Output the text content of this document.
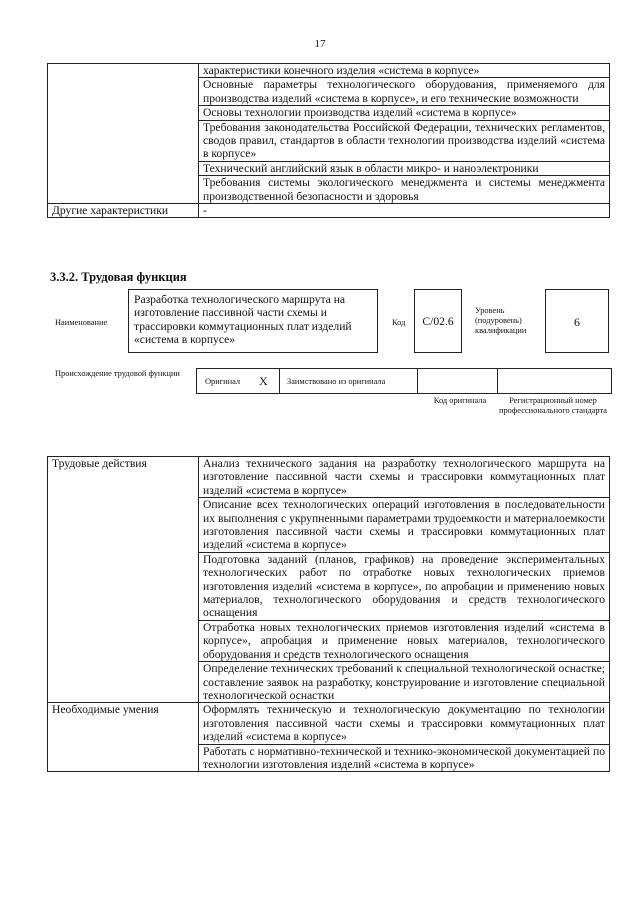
17
	характеристики конечного изделия «система в корпусе»
	Основные параметры технологического оборудования, применяемого для производства изделий «система в корпусе», и его технические возможности
	Основы технологии производства изделий «система в корпусе»
	Требования законодательства Российской Федерации, технических регламентов, сводов правил, стандартов в области технологии производства изделий «система в корпусе»
	Технический английский язык в области микро- и наноэлектроники
	Требования системы экологического менеджмента и системы менеджмента производственной безопасности и здоровья
Другие характеристики	-
3.3.2. Трудовая функция
Наименование
Разработка технологического маршрута на изготовление пассивной части схемы и трассировки коммутационных плат изделий «система в корпусе»
Код	С/02.6
Уровень (подуровень) квалификации
6
Происхождение трудовой функции
Оригинал X Заимствовано из оригинала
Код оригинала	Регистрационный номер профессионального стандарта
Трудовые действия	Анализ технического задания на разработку технологического маршрута на изготовление пассивной части схемы и трассировки коммутационных плат изделий «система в корпусе»
	Описание всех технологических операций изготовления в последовательности их выполнения с укрупненными параметрами трудоемкости и материалоемкости изготовления пассивной части схемы и трассировки коммутационных плат изделий «система в корпусе»
	Подготовка заданий (планов, графиков) на проведение экспериментальных технологических работ по отработке новых технологических приемов изготовления изделий «система в корпусе», по апробации и применению новых материалов, технологического оборудования и средств технологического оснащения
	Отработка новых технологических приемов изготовления изделий «система в корпусе», апробация и применение новых материалов, технологического оборудования и средств технологического оснащения
	Определение технических требований к специальной технологической оснастке; составление заявок на разработку, конструирование и изготовление специальной технологической оснастки
Необходимые умения	Оформлять техническую и технологическую документацию по технологии изготовления пассивной части схемы и трассировки коммутационных плат изделий «система в корпусе»
	Работать с нормативно-технической и технико-экономической документацией по технологии изготовления изделий «система в корпусе»
